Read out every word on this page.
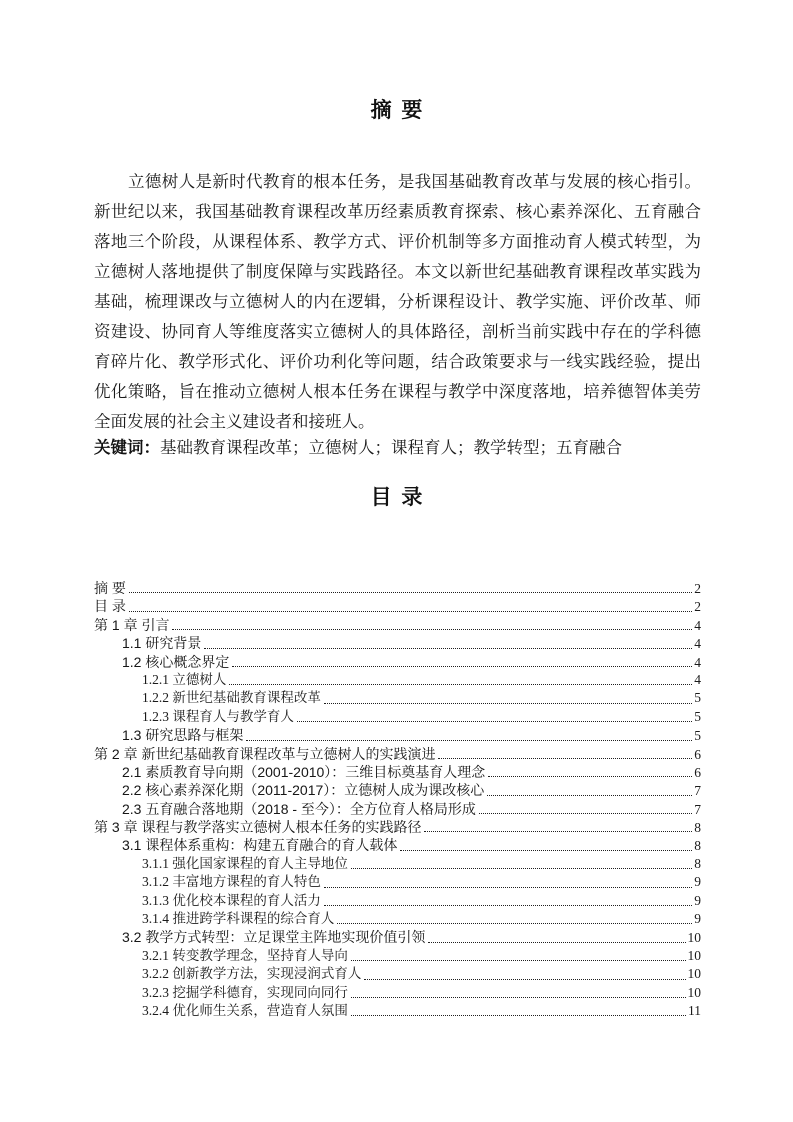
摘 要
立德树人是新时代教育的根本任务，是我国基础教育改革与发展的核心指引。新世纪以来，我国基础教育课程改革历经素质教育探索、核心素养深化、五育融合落地三个阶段，从课程体系、教学方式、评价机制等多方面推动育人模式转型，为立德树人落地提供了制度保障与实践路径。本文以新世纪基础教育课程改革实践为基础，梳理课改与立德树人的内在逻辑，分析课程设计、教学实施、评价改革、师资建设、协同育人等维度落实立德树人的具体路径，剖析当前实践中存在的学科德育碎片化、教学形式化、评价功利化等问题，结合政策要求与一线实践经验，提出优化策略，旨在推动立德树人根本任务在课程与教学中深度落地，培养德智体美劳全面发展的社会主义建设者和接班人。
关键词：基础教育课程改革；立德树人；课程育人；教学转型；五育融合
目 录
摘 要	2
目 录	2
第 1 章 引言	4
1.1 研究背景	4
1.2 核心概念界定	4
1.2.1 立德树人	4
1.2.2 新世纪基础教育课程改革	5
1.2.3 课程育人与教学育人	5
1.3 研究思路与框架	5
第 2 章 新世纪基础教育课程改革与立德树人的实践演进	6
2.1 素质教育导向期（2001-2010）：三维目标奠基育人理念	6
2.2 核心素养深化期（2011-2017）：立德树人成为课改核心	7
2.3 五育融合落地期（2018 - 至今）：全方位育人格局形成	7
第 3 章 课程与教学落实立德树人根本任务的实践路径	8
3.1 课程体系重构：构建五育融合的育人载体	8
3.1.1 强化国家课程的育人主导地位	8
3.1.2 丰富地方课程的育人特色	9
3.1.3 优化校本课程的育人活力	9
3.1.4 推进跨学科课程的综合育人	9
3.2 教学方式转型：立足课堂主阵地实现价值引领	10
3.2.1 转变教学理念，坚持育人导向	10
3.2.2 创新教学方法，实现浸润式育人	10
3.2.3 挖掘学科德育，实现同向同行	10
3.2.4 优化师生关系，营造育人氛围	11
